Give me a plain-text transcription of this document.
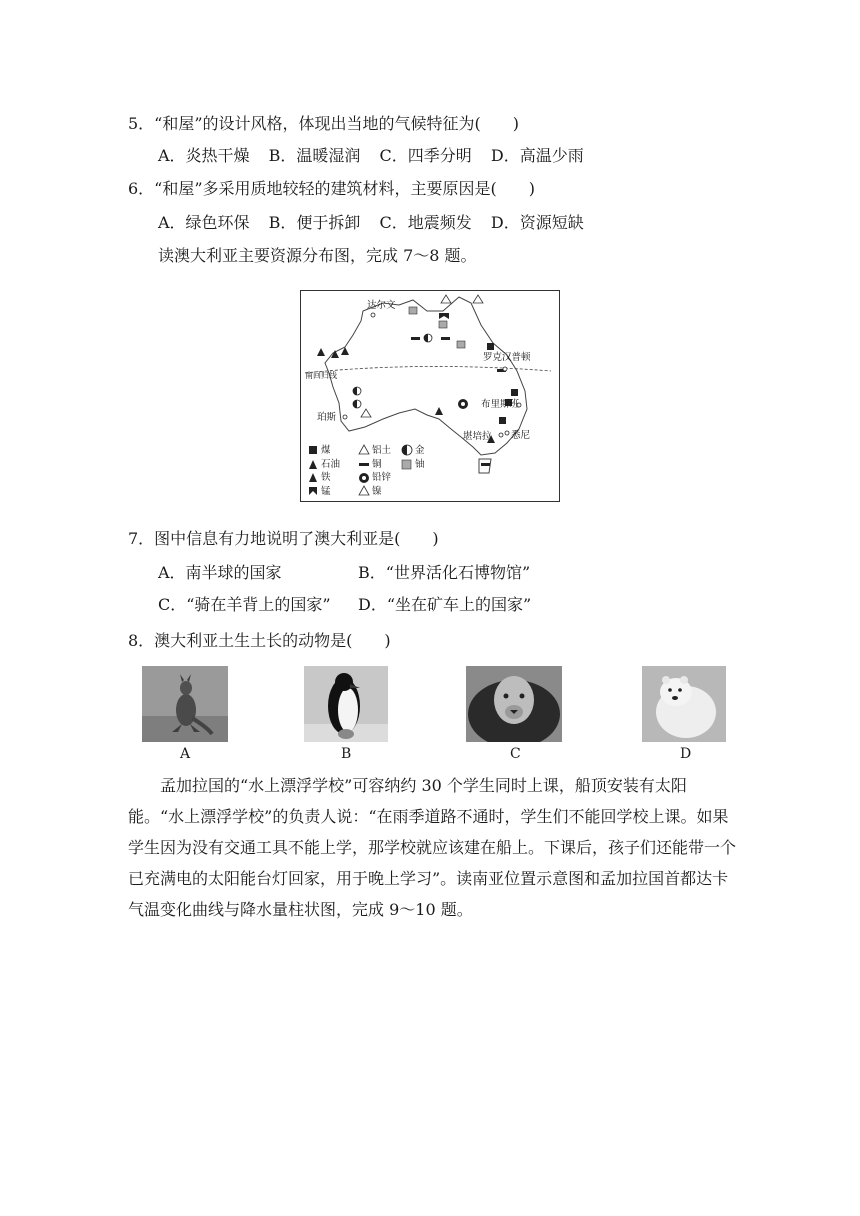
5．“和屋”的设计风格，体现出当地的气候特征为(　　)
A．炎热干燥 B．温暖湿润 C．四季分明 D．高温少雨
6．“和屋”多采用质地较轻的建筑材料，主要原因是(　　)
A．绿色环保 B．便于拆卸 C．地震频发 D．资源短缺
读澳大利亚主要资源分布图，完成 7～8 题。
达尔文
罗克汉普顿
布里斯班
珀斯
堪培拉 悉尼
南回归线
煤
石油
铁
锰
铝土
铜
铅锌
镍
金
铀
7．图中信息有力地说明了澳大利亚是(　　)
A．南半球的国家	B．“世界活化石博物馆”
C．“骑在羊背上的国家” D．“坐在矿车上的国家”
8．澳大利亚土生土长的动物是(　　)
A	B	C	D
孟加拉国的“水上漂浮学校”可容纳约 30 个学生同时上课，船顶安装有太阳能。“水上漂浮学校”的负责人说：“在雨季道路不通时，学生们不能回学校上课。如果学生因为没有交通工具不能上学，那学校就应该建在船上。下课后，孩子们还能带一个已充满电的太阳能台灯回家，用于晚上学习”。读南亚位置示意图和孟加拉国首都达卡气温变化曲线与降水量柱状图，完成 9～10 题。
